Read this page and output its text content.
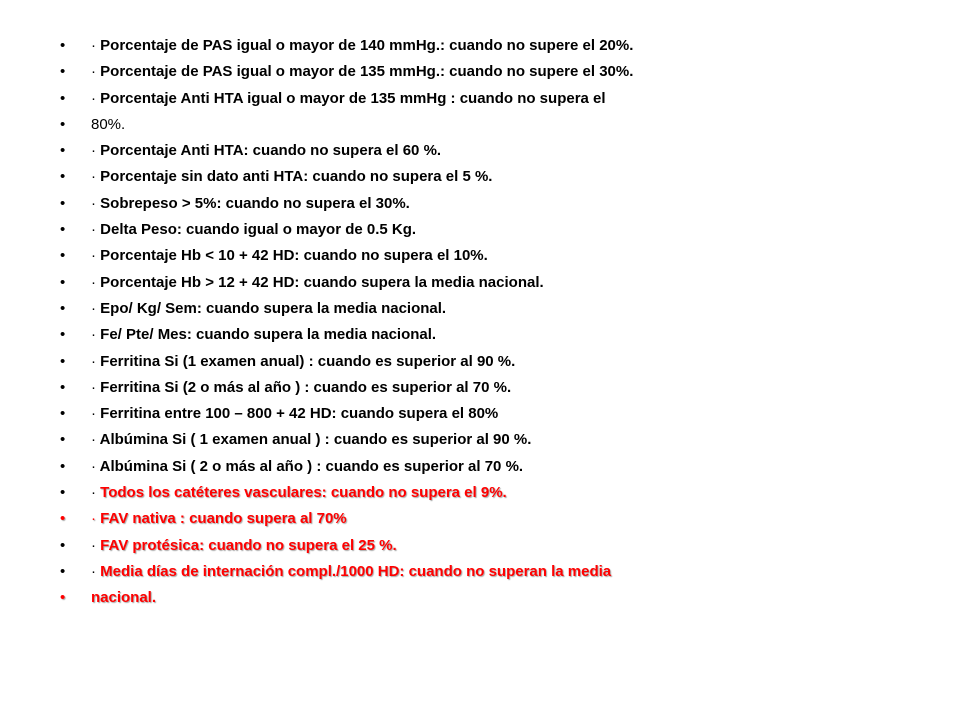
•	· Porcentaje de PAS igual o mayor de 140 mmHg.: cuando no supere el 20%.
•	· Porcentaje de PAS igual o mayor de 135 mmHg.: cuando no supere el 30%.
•	· Porcentaje Anti HTA igual o mayor de 135 mmHg : cuando no supera el
•	80%.
•	· Porcentaje Anti HTA: cuando no supera el 60 %.
•	· Porcentaje sin dato anti HTA: cuando no supera el 5 %.
•	· Sobrepeso > 5%: cuando no supera el 30%.
•	· Delta Peso: cuando igual o mayor de 0.5 Kg.
•	· Porcentaje Hb < 10 + 42 HD: cuando no supera el 10%.
•	· Porcentaje Hb > 12 + 42 HD: cuando supera la media nacional.
•	· Epo/ Kg/ Sem: cuando supera la media nacional.
•	· Fe/ Pte/ Mes: cuando supera la media nacional.
•	· Ferritina Si (1 examen anual) : cuando es superior al 90 %.
•	· Ferritina Si (2 o más al año ) : cuando es superior al 70 %.
•	· Ferritina entre 100 – 800 + 42 HD: cuando supera el 80%
•	· Albúmina Si ( 1 examen anual ) : cuando es superior al 90 %.
•	· Albúmina Si ( 2 o más al año ) : cuando es superior al 70 %.
•	· Todos los catéteres vasculares: cuando no supera el 9%.
•	· FAV nativa : cuando supera al 70%
•	· FAV protésica: cuando no supera el 25 %.
•	· Media días de internación compl./1000 HD: cuando no superan la media
•	nacional.
